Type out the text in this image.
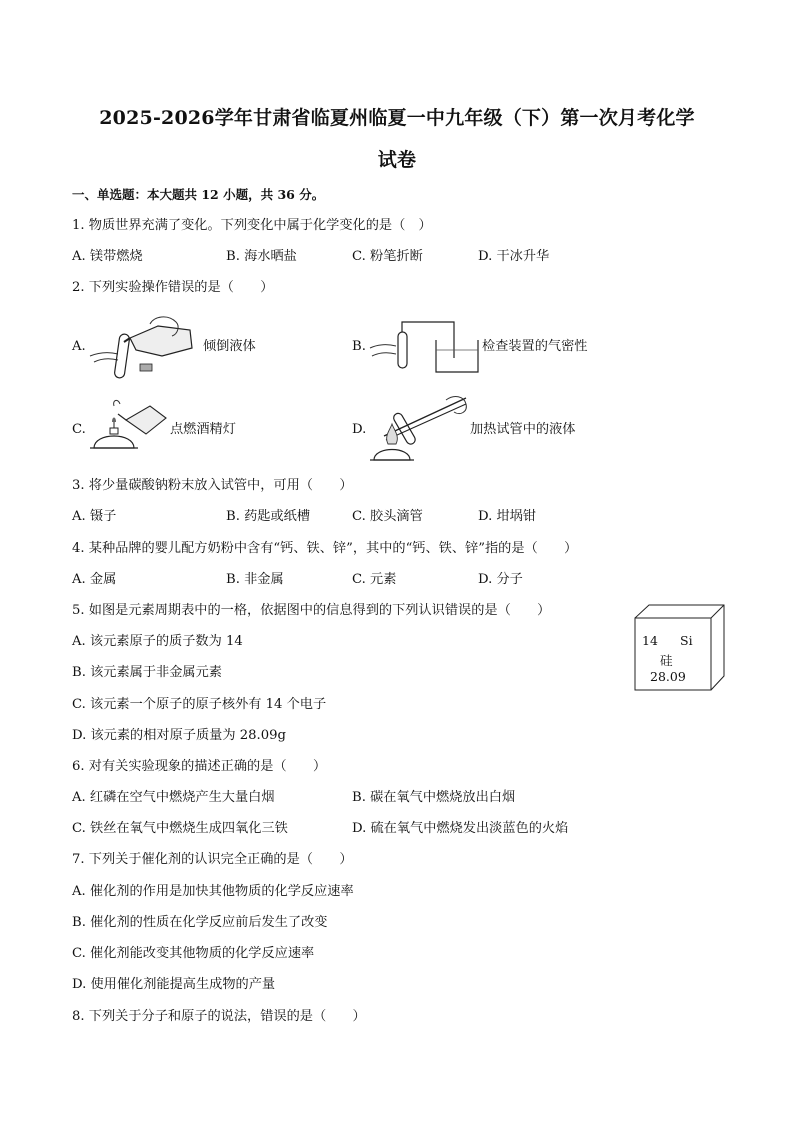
2025-2026学年甘肃省临夏州临夏一中九年级（下）第一次月考化学
试卷
一、单选题：本大题共 12 小题，共 36 分。
1. 物质世界充满了变化。下列变化中属于化学变化的是（　）
A. 镁带燃烧	B. 海水晒盐	C. 粉笔折断	D. 干冰升华
2. 下列实验操作错误的是（　　）
A.	倾倒液体	B.	检查装置的气密性
C.	点燃酒精灯	D.	加热试管中的液体
3. 将少量碳酸钠粉末放入试管中，可用（　　）
A. 镊子	B. 药匙或纸槽	C. 胶头滴管	D. 坩埚钳
4. 某种品牌的婴儿配方奶粉中含有“钙、铁、锌”，其中的“钙、铁、锌”指的是（　　）
A. 金属	B. 非金属	C. 元素	D. 分子
5. 如图是元素周期表中的一格，依据图中的信息得到的下列认识错误的是（　　）
A. 该元素原子的质子数为 14
B. 该元素属于非金属元素
C. 该元素一个原子的原子核外有 14 个电子
D. 该元素的相对原子质量为 28.09g
14 Si
硅
28.09
6. 对有关实验现象的描述正确的是（　　）
A. 红磷在空气中燃烧产生大量白烟	B. 碳在氧气中燃烧放出白烟
C. 铁丝在氧气中燃烧生成四氧化三铁	D. 硫在氧气中燃烧发出淡蓝色的火焰
7. 下列关于催化剂的认识完全正确的是（　　）
A. 催化剂的作用是加快其他物质的化学反应速率
B. 催化剂的性质在化学反应前后发生了改变
C. 催化剂能改变其他物质的化学反应速率
D. 使用催化剂能提高生成物的产量
8. 下列关于分子和原子的说法，错误的是（　　）
